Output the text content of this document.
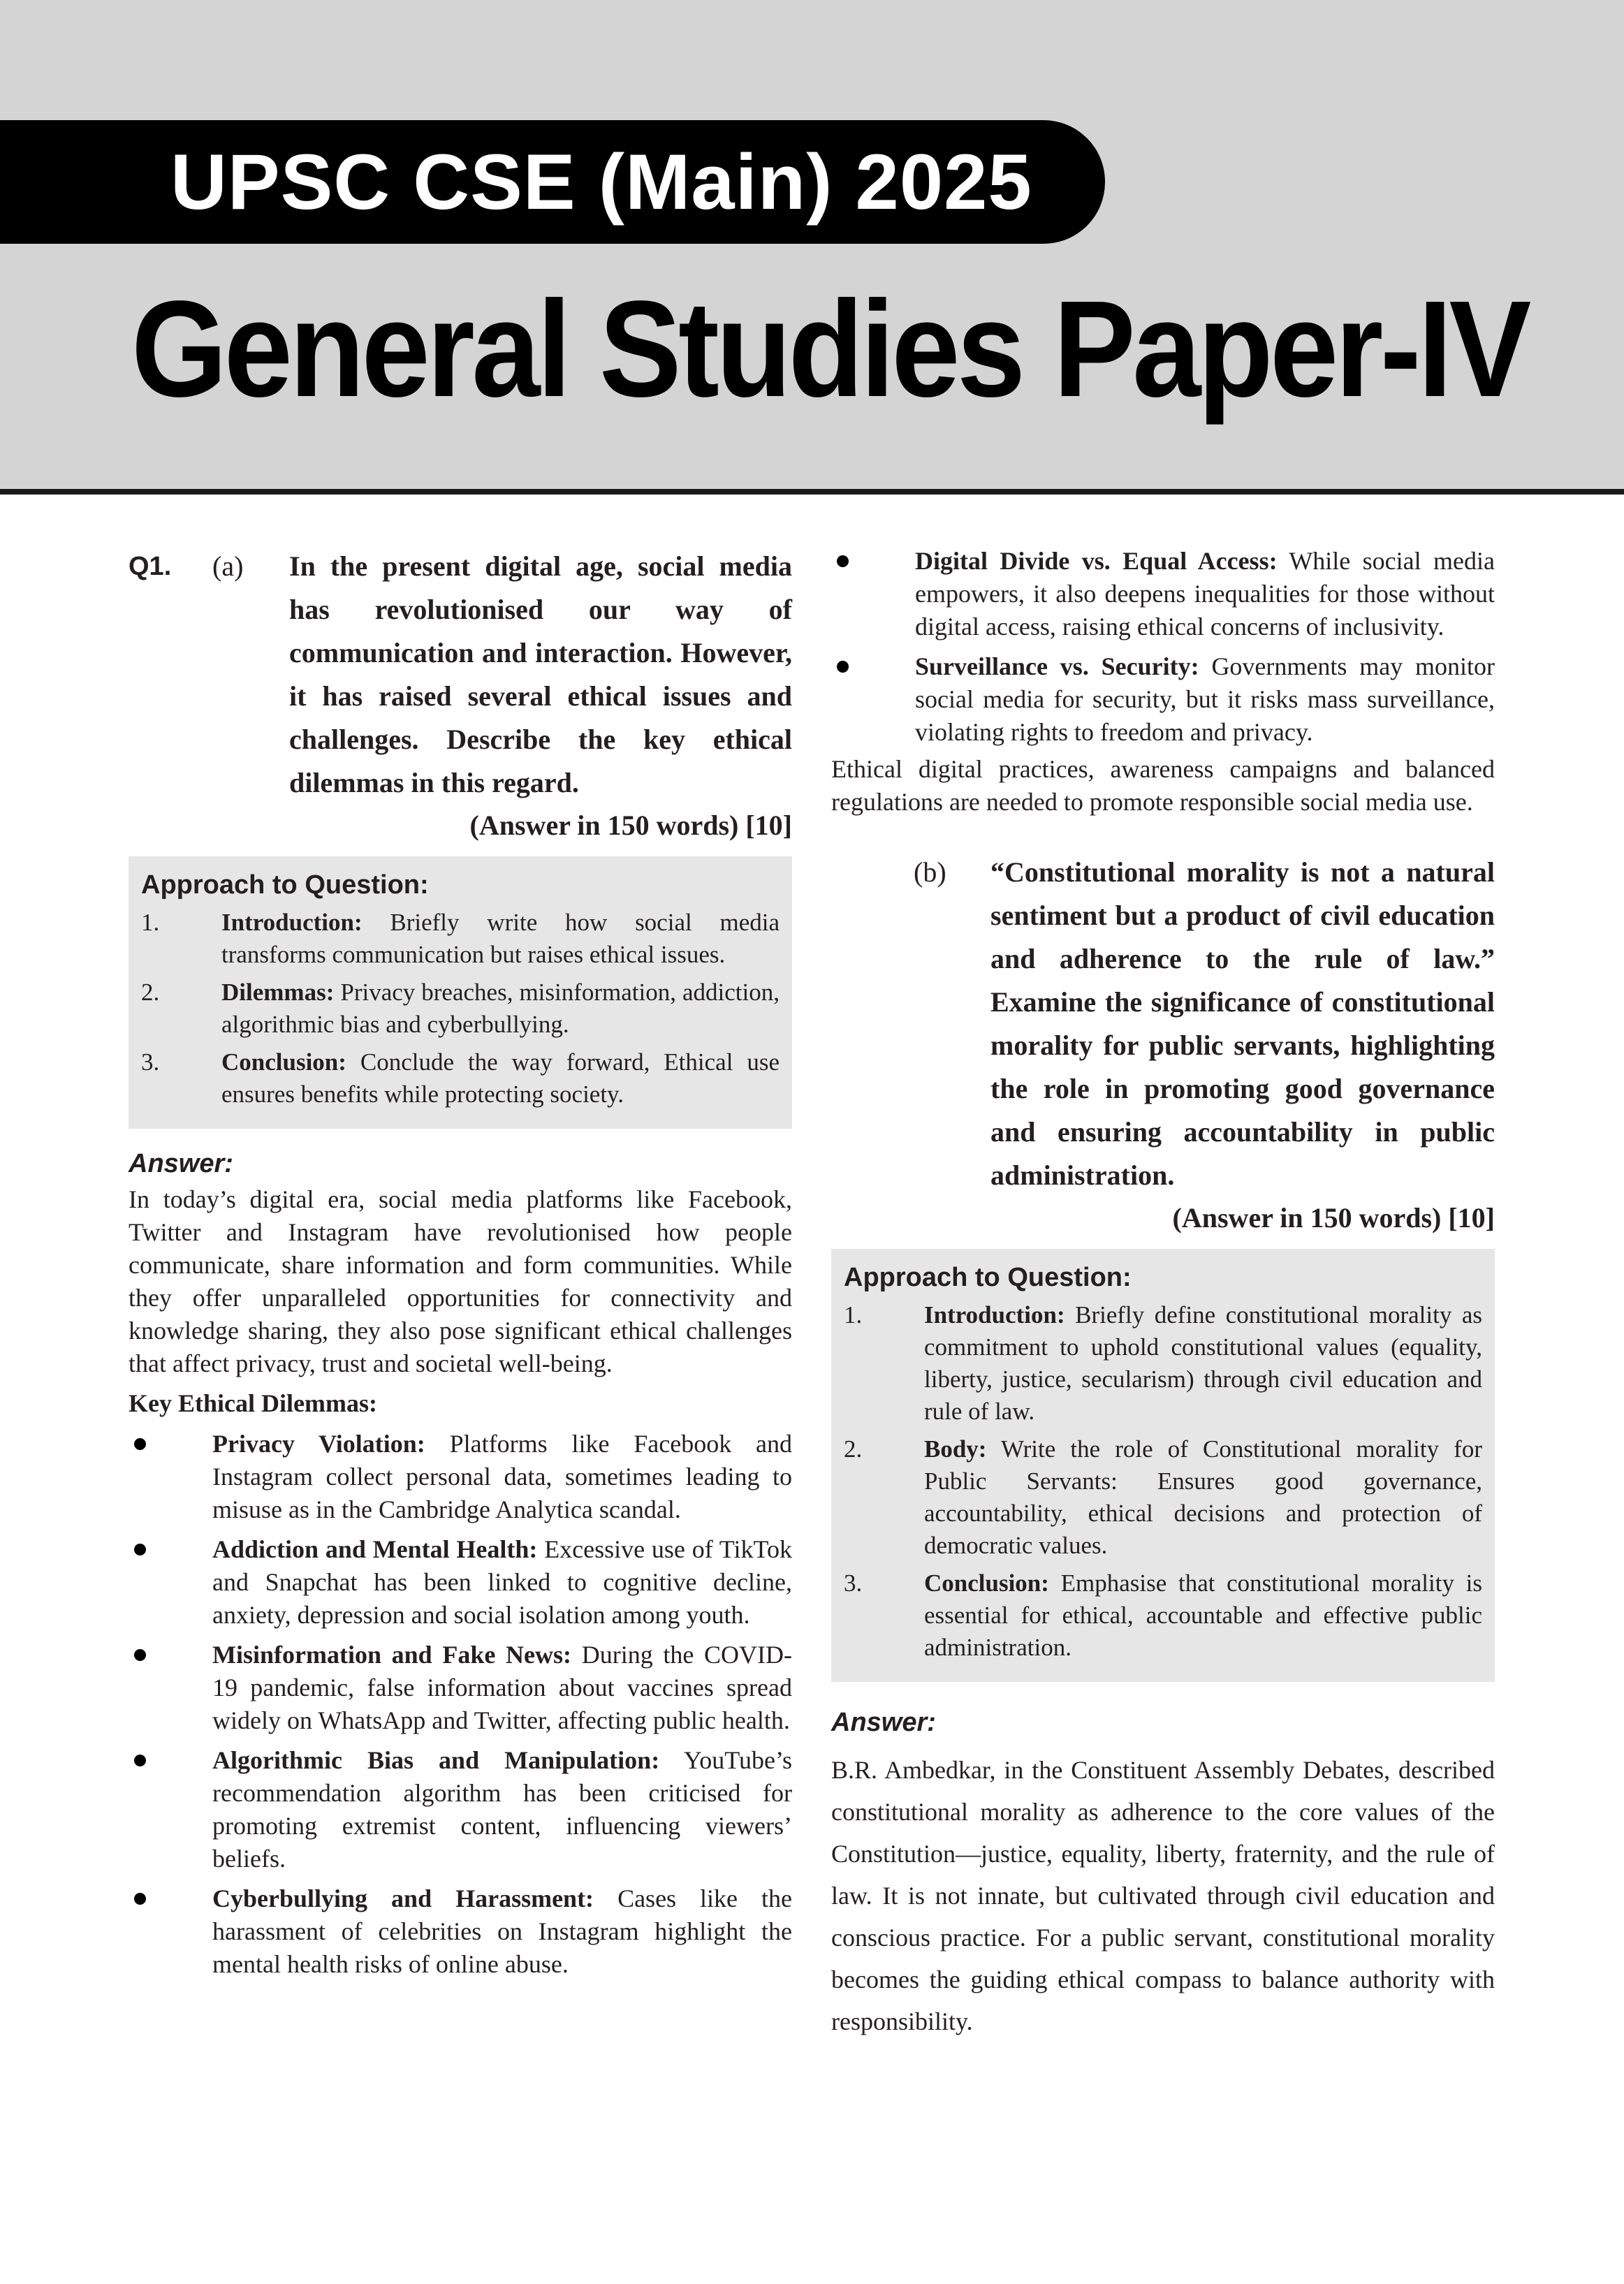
UPSC CSE (Main) 2025
General Studies Paper-IV
Q1. (a) In the present digital age, social media has revolutionised our way of communication and interaction. However, it has raised several ethical issues and challenges. Describe the key ethical dilemmas in this regard.

(Answer in 150 words) [10]

Approach to Question:
1.	Introduction: Briefly write how social media transforms communication but raises ethical issues.
2.	Dilemmas: Privacy breaches, misinformation, addiction, algorithmic bias and cyberbullying.
3.	Conclusion: Conclude the way forward, Ethical use ensures benefits while protecting society.
Answer:

In today’s digital era, social media platforms like Facebook, Twitter and Instagram have revolutionised how people communicate, share information and form communities. While they offer unparalleled opportunities for connectivity and knowledge sharing, they also pose significant ethical challenges that affect privacy, trust and societal well-being.

Key Ethical Dilemmas:
Privacy Violation: Platforms like Facebook and Instagram collect personal data, sometimes leading to misuse as in the Cambridge Analytica scandal.
Addiction and Mental Health: Excessive use of TikTok and Snapchat has been linked to cognitive decline, anxiety, depression and social isolation among youth.
Misinformation and Fake News: During the COVID-19 pandemic, false information about vaccines spread widely on WhatsApp and Twitter, affecting public health.
Algorithmic Bias and Manipulation: YouTube’s recommendation algorithm has been criticised for promoting extremist content, influencing viewers’ beliefs.
Cyberbullying and Harassment: Cases like the harassment of celebrities on Instagram highlight the mental health risks of online abuse.
Digital Divide vs. Equal Access: While social media empowers, it also deepens inequalities for those without digital access, raising ethical concerns of inclusivity.
Surveillance vs. Security: Governments may monitor social media for security, but it risks mass surveillance, violating rights to freedom and privacy.

Ethical digital practices, awareness campaigns and balanced regulations are needed to promote responsible social media use.

(b) “Constitutional morality is not a natural sentiment but a product of civil education and adherence to the rule of law.” Examine the significance of constitutional morality for public servants, highlighting the role in promoting good governance and ensuring accountability in public administration.

(Answer in 150 words) [10]

Approach to Question:
1.	Introduction: Briefly define constitutional morality as commitment to uphold constitutional values (equality, liberty, justice, secularism) through civil education and rule of law.
2.	Body: Write the role of Constitutional morality for Public Servants: Ensures good governance, accountability, ethical decisions and protection of democratic values.
3.	Conclusion: Emphasise that constitutional morality is essential for ethical, accountable and effective public administration.
Answer:

B.R. Ambedkar, in the Constituent Assembly Debates, described constitutional morality as adherence to the core values of the Constitution—justice, equality, liberty, fraternity, and the rule of law. It is not innate, but cultivated through civil education and conscious practice. For a public servant, constitutional morality becomes the guiding ethical compass to balance authority with responsibility.
